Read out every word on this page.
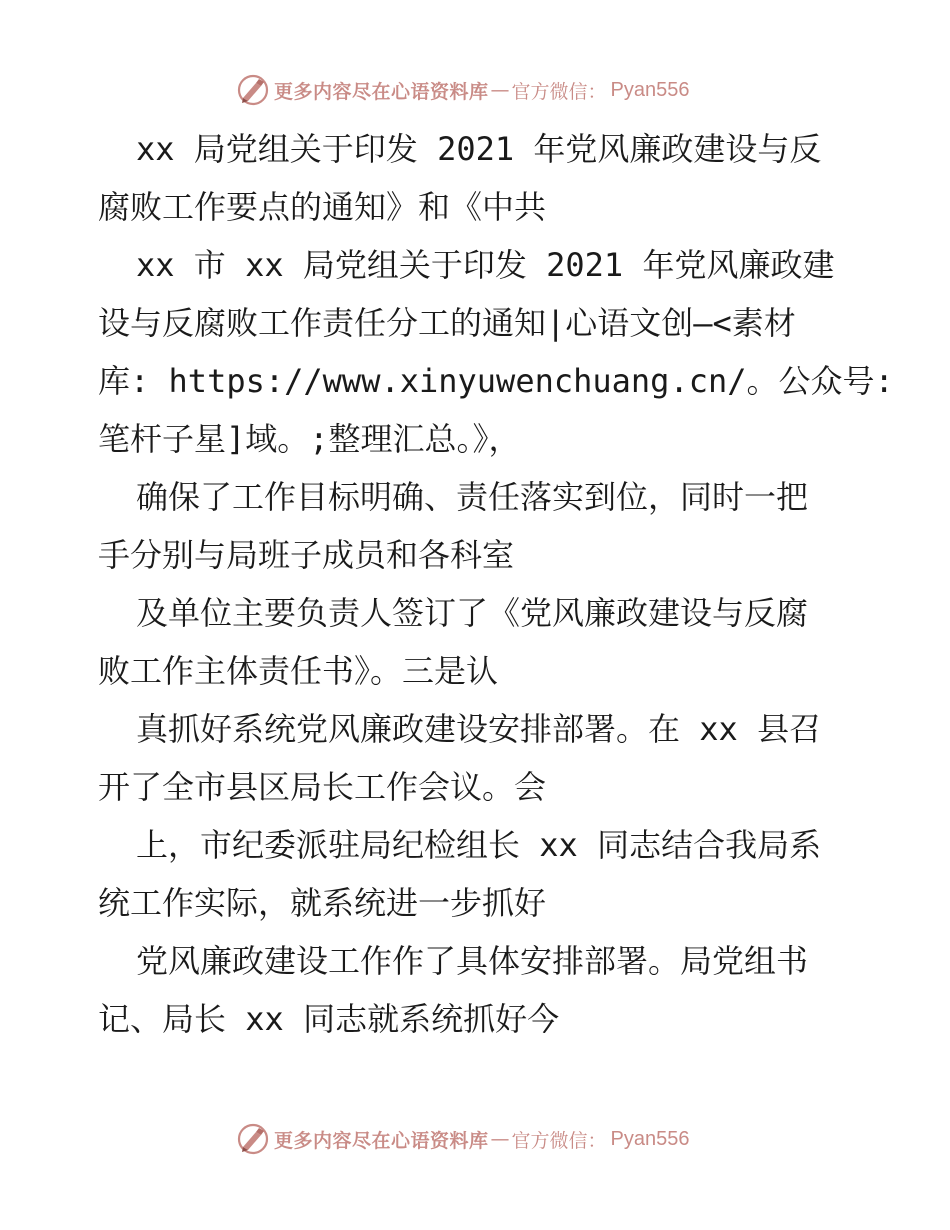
更多内容尽在心语资料库 — 官方微信： Pyan556
xx 局党组关于印发 2021 年党风廉政建设与反
腐败工作要点的通知》和《中共
xx 市 xx 局党组关于印发 2021 年党风廉政建
设与反腐败工作责任分工的通知|心语文创—<素材
库: https://www.xinyuwenchuang.cn/。公众号:
笔杆子星]域。;整理汇总。》，
确保了工作目标明确、责任落实到位，同时一把
手分别与局班子成员和各科室
及单位主要负责人签订了《党风廉政建设与反腐
败工作主体责任书》。三是认
真抓好系统党风廉政建设安排部署。在 xx 县召
开了全市县区局长工作会议。会
上，市纪委派驻局纪检组长 xx 同志结合我局系
统工作实际，就系统进一步抓好
党风廉政建设工作作了具体安排部署。局党组书
记、局长 xx 同志就系统抓好今
更多内容尽在心语资料库 — 官方微信： Pyan556
